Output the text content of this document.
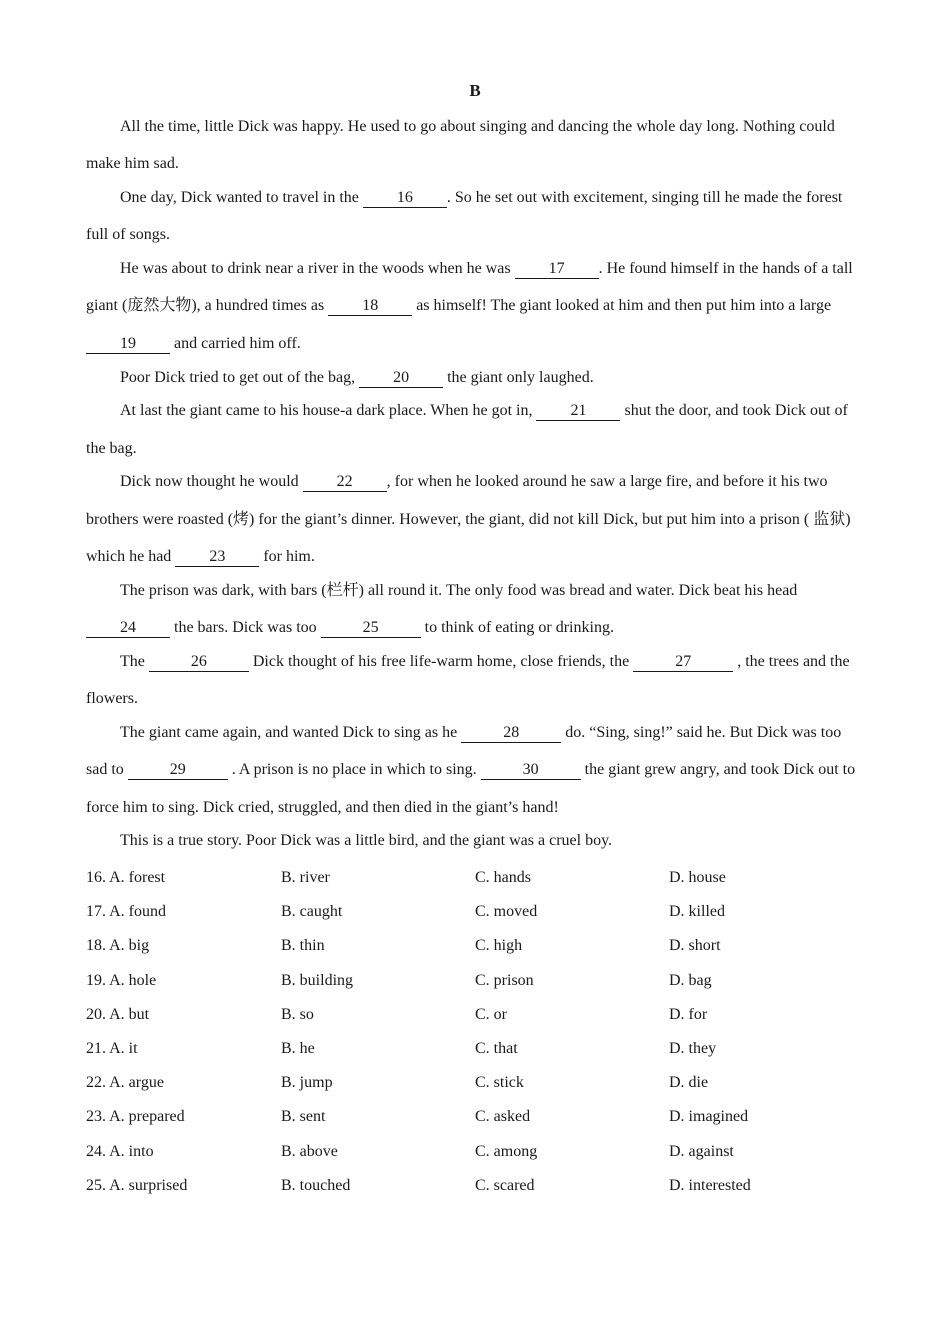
B

All the time, little Dick was happy. He used to go about singing and dancing the whole day long. Nothing could make him sad.

One day, Dick wanted to travel in the 16 . So he set out with excitement, singing till he made the forest full of songs.

He was about to drink near a river in the woods when he was 17 . He found himself in the hands of a tall giant (庞然大物), a hundred times as 18 as himself! The giant looked at him and then put him into a large 19 and carried him off.

Poor Dick tried to get out of the bag, 20 the giant only laughed.

At last the giant came to his house-a dark place. When he got in, 21 shut the door, and took Dick out of the bag.

Dick now thought he would 22 , for when he looked around he saw a large fire, and before it his two brothers were roasted (烤) for the giant’s dinner. However, the giant, did not kill Dick, but put him into a prison ( 监狱) which he had 23 for him.

The prison was dark, with bars (栏杆) all round it. The only food was bread and water. Dick beat his head 24 the bars. Dick was too	25	to think of eating or drinking.

The	26	Dick thought of his free life-warm home, close friends, the	27	, the trees and the flowers.

The giant came again, and wanted Dick to sing as he	28	do. “Sing, sing!” said he. But Dick was too sad to	29	. A prison is no place in which to sing.	30	the giant grew angry, and took Dick out to force him to sing. Dick cried, struggled, and then died in the giant’s hand!

This is a true story. Poor Dick was a little bird, and the giant was a cruel boy.

16. A. forest	B. river	C. hands	D. house
17. A. found	B. caught	C. moved	D. killed
18. A. big	B. thin	C. high	D. short
19. A. hole	B. building	C. prison	D. bag
20. A. but	B. so	C. or	D. for
21. A. it	B. he	C. that	D. they
22. A. argue	B. jump	C. stick	D. die
23. A. prepared	B. sent	C. asked	D. imagined
24. A. into	B. above	C. among	D. against
25. A. surprised	B. touched	C. scared	D. interested
